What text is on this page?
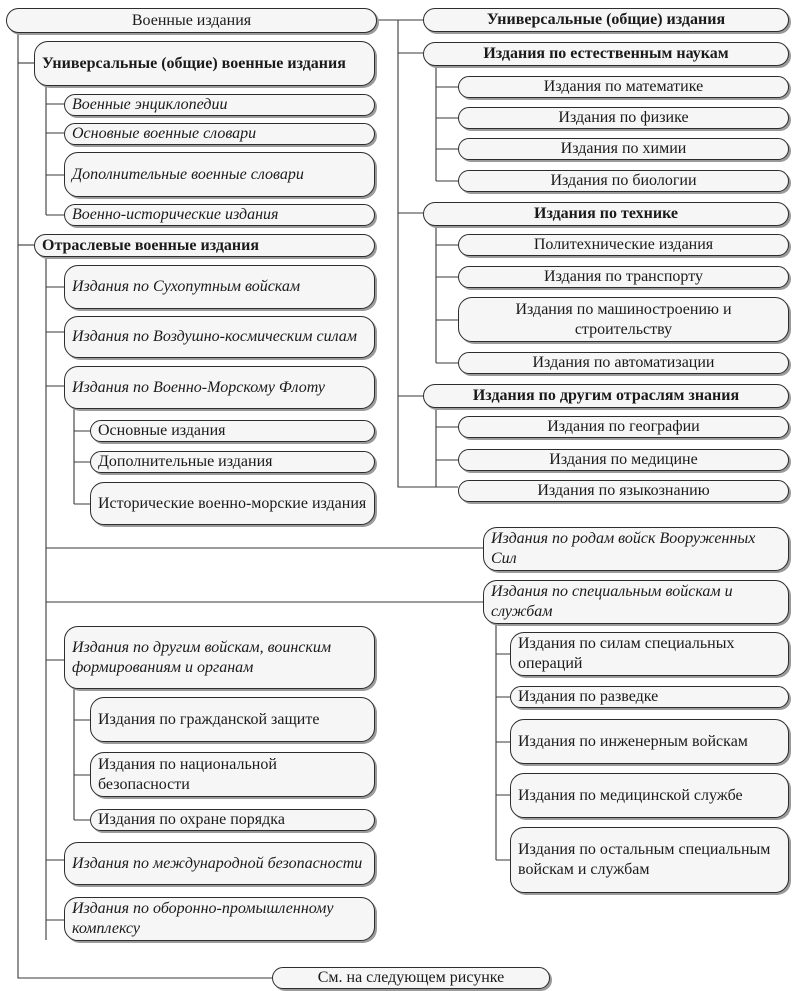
Военные издания
Универсальные (общие) военные издания
Военные энциклопедии
Основные военные словари
Дополнительные военные словари
Военно-исторические издания
Отраслевые военные издания
Издания по Сухопутным войскам
Издания по Воздушно-космическим силам
Издания по Военно-Морскому Флоту
Основные издания
Дополнительные издания
Исторические военно-морские издания
Издания по другим войскам, воинским формированиям и органам
Издания по гражданской защите
Издания по национальной безопасности
Издания по охране порядка
Издания по международной безопасности
Издания по оборонно-промышленному комплексу
См. на следующем рисунке
Универсальные (общие) издания
Издания по естественным наукам
Издания по математике
Издания по физике
Издания по химии
Издания по биологии
Издания по технике
Политехнические издания
Издания по транспорту
Издания по машиностроению и строительству
Издания по автоматизации
Издания по другим отраслям знания
Издания по географии
Издания по медицине
Издания по языкознанию
Издания по родам войск Вооруженных Сил
Издания по специальным войскам и службам
Издания по силам специальных операций
Издания по разведке
Издания по инженерным войскам
Издания по медицинской службе
Издания по остальным специальным войскам и службам
